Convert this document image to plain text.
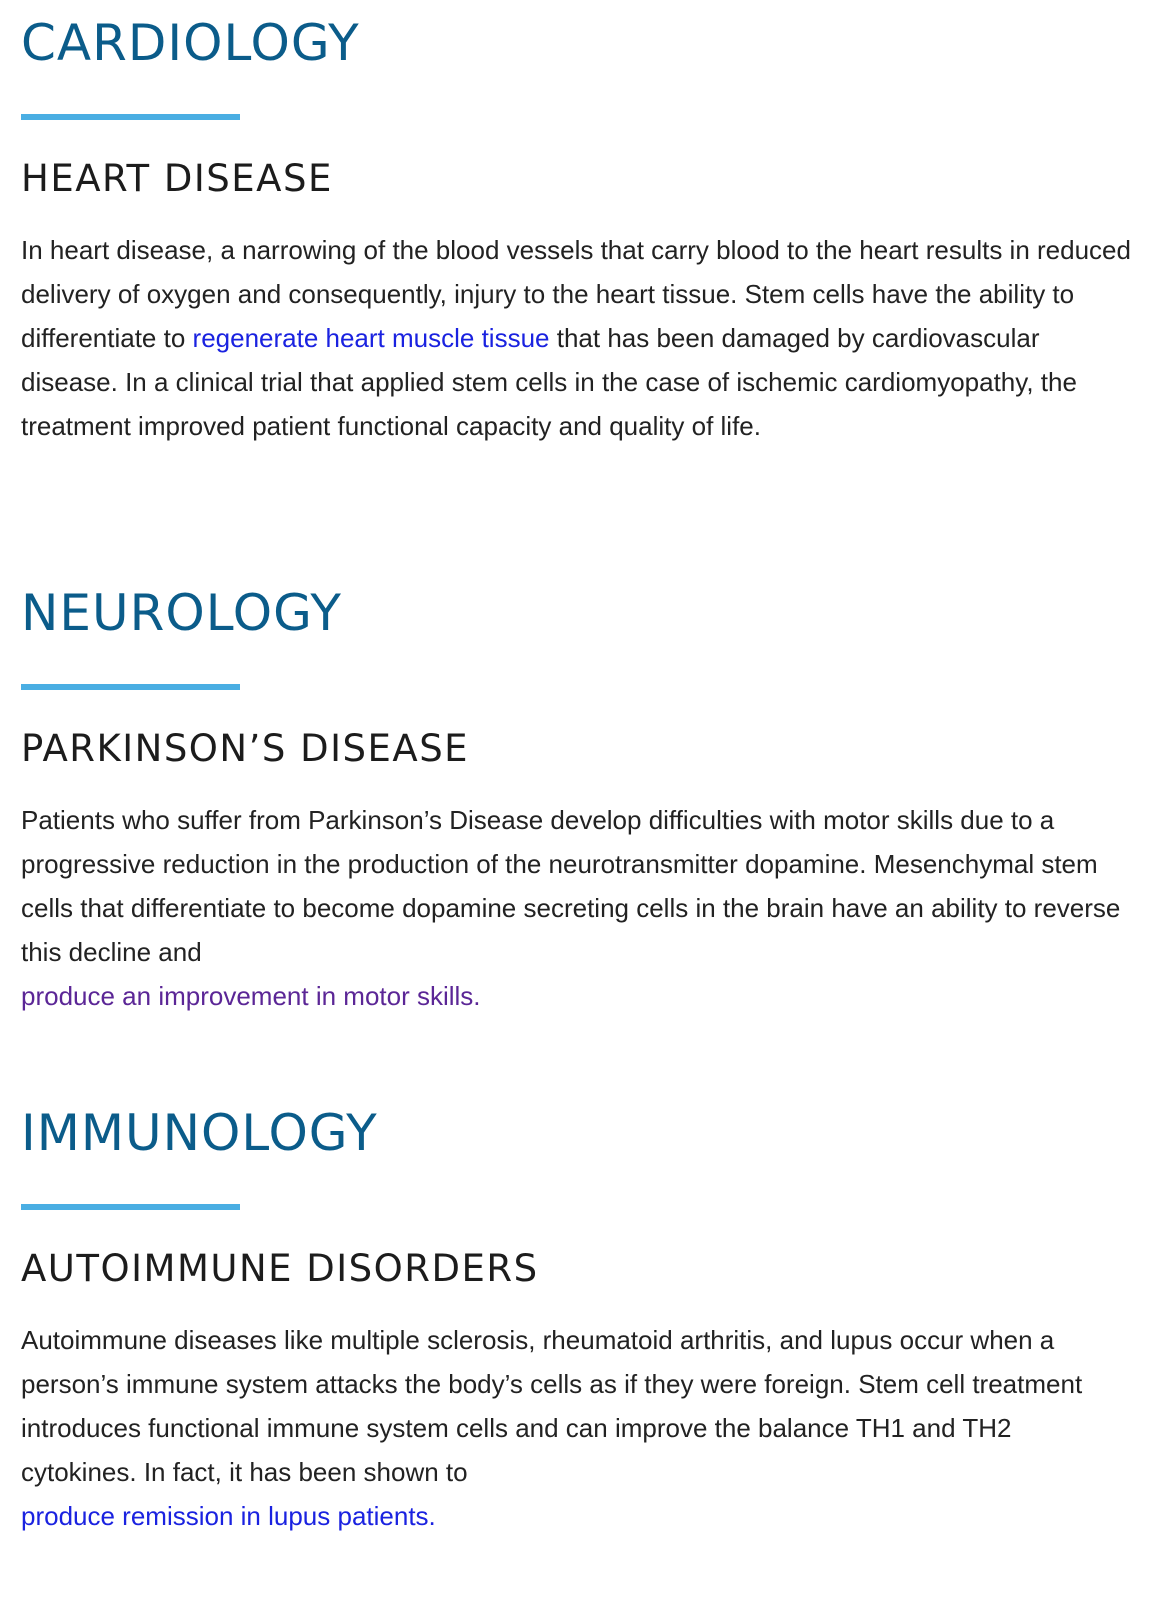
CARDIOLOGY
HEART DISEASE

In heart disease, a narrowing of the blood vessels that carry blood to the heart results in reduced delivery of oxygen and consequently, injury to the heart tissue. Stem cells have the ability to differentiate to regenerate heart muscle tissue that has been damaged by cardiovascular disease. In a clinical trial that applied stem cells in the case of ischemic cardiomyopathy, the treatment improved patient functional capacity and quality of life.

NEUROLOGY
PARKINSON’S DISEASE

Patients who suffer from Parkinson’s Disease develop difficulties with motor skills due to a progressive reduction in the production of the neurotransmitter dopamine. Mesenchymal stem cells that differentiate to become dopamine secreting cells in the brain have an ability to reverse this decline and
produce an improvement in motor skills.

IMMUNOLOGY
AUTOIMMUNE DISORDERS

Autoimmune diseases like multiple sclerosis, rheumatoid arthritis, and lupus occur when a person’s immune system attacks the body’s cells as if they were foreign. Stem cell treatment introduces functional immune system cells and can improve the balance TH1 and TH2 cytokines. In fact, it has been shown to
produce remission in lupus patients.
